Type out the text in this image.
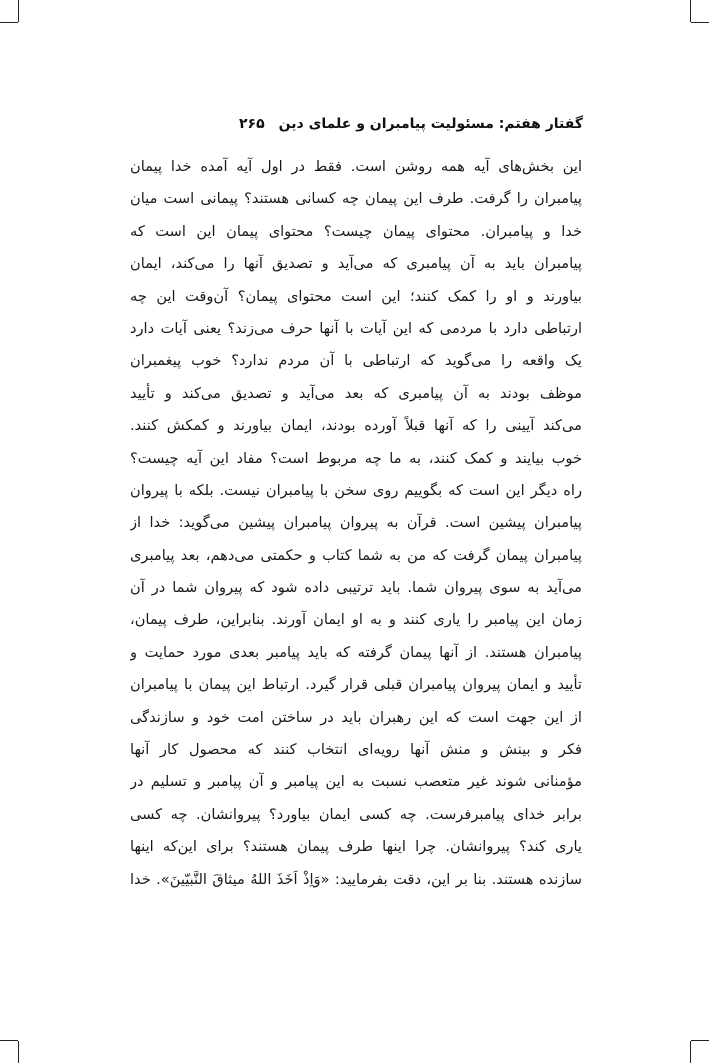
گفتار هفتم: مسئولیت پیامبران و علمای دین
۲۶۵
این بخش‌های آیه همه روشن است. فقط در اول آیه آمده خدا پیمان
پیامبران را گرفت. طرف این پیمان چه کسانی هستند؟ پیمانی است میان
خدا و پیامبران. محتوای پیمان چیست؟ محتوای پیمان این است که
پیامبران باید به آن پیامبری که می‌آید و تصدیق آنها را می‌کند، ایمان
بیاورند و او را کمک کنند؛ این است محتوای پیمان؟ آن‌وقت این چه
ارتباطی دارد با مردمی که این آیات با آنها حرف می‌زند؟ یعنی آیات دارد
یک واقعه را می‌گوید که ارتباطی با آن مردم ندارد؟ خوب پیغمبران
موظف بودند به آن پیامبری که بعد می‌آید و تصدیق می‌کند و تأیید
می‌کند آیینی را که آنها قبلاً آورده بودند، ایمان بیاورند و کمکش کنند.
خوب بیایند و کمک کنند، به ما چه مربوط است؟ مفاد این آیه چیست؟
راه دیگر این است که بگوییم روی سخن با پیامبران نیست. بلکه با پیروان
پیامبران پیشین است. قرآن به پیروان پیامبران پیشین می‌گوید: خدا از
پیامبران پیمان گرفت که من به شما کتاب و حکمتی می‌دهم، بعد پیامبری
می‌آید به سوی پیروان شما. باید ترتیبی داده شود که پیروان شما در آن
زمان این پیامبر را یاری کنند و به او ایمان آورند. بنابراین، طرف پیمان،
پیامبران هستند. از آنها پیمان گرفته که باید پیامبر بعدی مورد حمایت و
تأیید و ایمان پیروان پیامبران قبلی قرار گیرد. ارتباط این پیمان با پیامبران
از این جهت است که این رهبران باید در ساختن امت خود و سازندگی
فکر و بینش و منش آنها رویه‌ای انتخاب کنند که محصول کار آنها
مؤمنانی شوند غیر متعصب نسبت به این پیامبر و آن پیامبر و تسلیم در
برابر خدای پیامبرفرست. چه کسی ایمان بیاورد؟ پیروانشان. چه کسی
یاری کند؟ پیروانشان. چرا اینها طرف پیمان هستند؟ برای این‌که اینها
سازنده هستند. بنا بر این، دقت بفرمایید: «وَاِذْ اَخَذَ اللهُ میثاقَ النَّبیّینَ». خدا
